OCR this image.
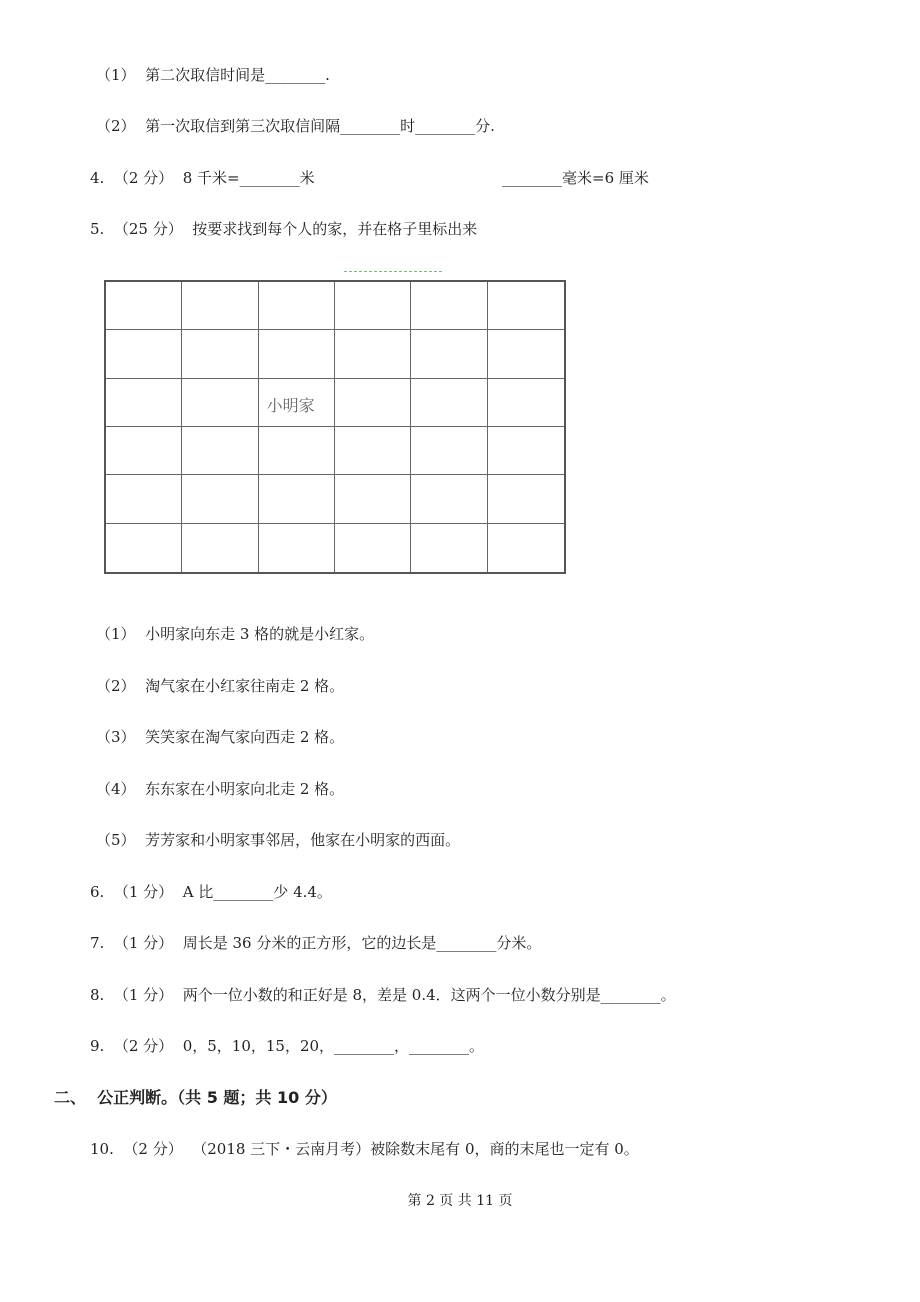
（1）  第二次取信时间是________.
（2）  第一次取信到第三次取信间隔________时________分.
4.  （2 分）  8 千米=________米	________毫米=6 厘米
5.  （25 分）  按要求找到每个人的家，并在格子里标出来
小明家
（1）  小明家向东走 3 格的就是小红家。
（2）  淘气家在小红家往南走 2 格。
（3）  笑笑家在淘气家向西走 2 格。
（4）  东东家在小明家向北走 2 格。
（5）  芳芳家和小明家事邻居，他家在小明家的西面。
6.  （1 分）  A 比________少 4.4。
7.  （1 分）  周长是 36 分米的正方形，它的边长是________分米。
8.  （1 分）  两个一位小数的和正好是 8，差是 0.4．这两个一位小数分别是________。
9.  （2 分）  0，5，10，15，20，________，________。
二、  公正判断。（共 5 题；共 10 分）
10.  （2 分）  （2018 三下・云南月考）被除数末尾有 0，商的末尾也一定有 0。
第 2 页 共 11 页
